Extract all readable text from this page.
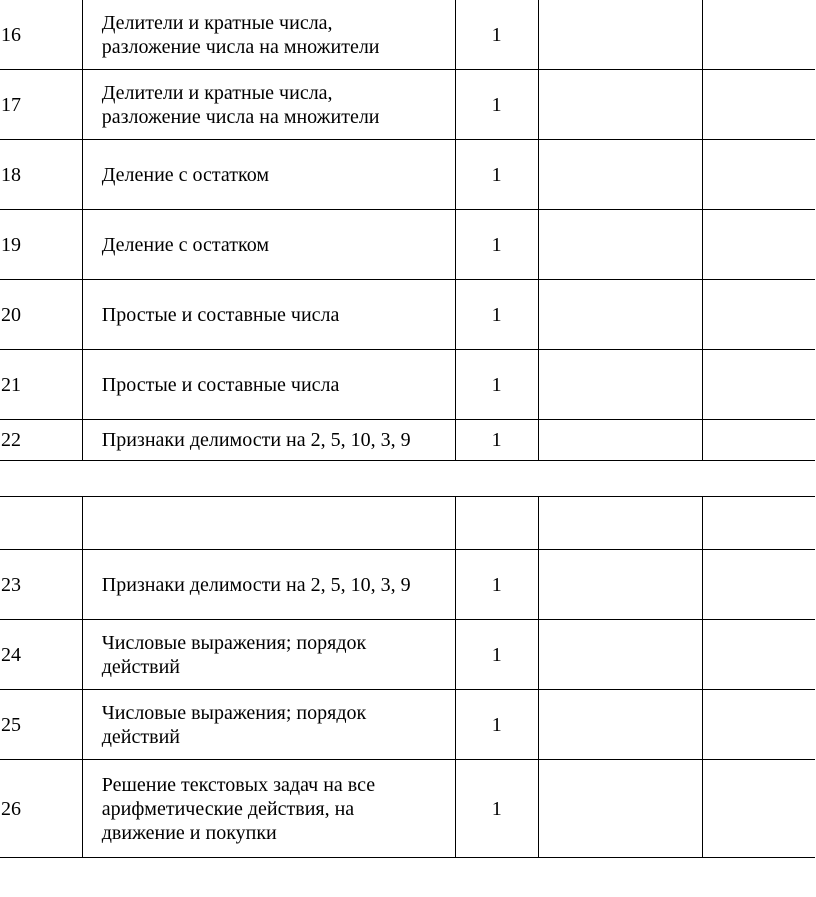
16	Делители и кратные числа,
разложение числа на множители	1		
17	Делители и кратные числа,
разложение числа на множители	1		
18	Деление с остатком	1		
19	Деление с остатком	1		
20	Простые и составные числа	1		
21	Простые и составные числа	1		
22	Признаки делимости на 2, 5, 10, 3, 9	1		

23	Признаки делимости на 2, 5, 10, 3, 9	1		
24	Числовые выражения; порядок
действий	1		
25	Числовые выражения; порядок
действий	1		
26	Решение текстовых задач на все
арифметические действия, на
движение и покупки	1		
